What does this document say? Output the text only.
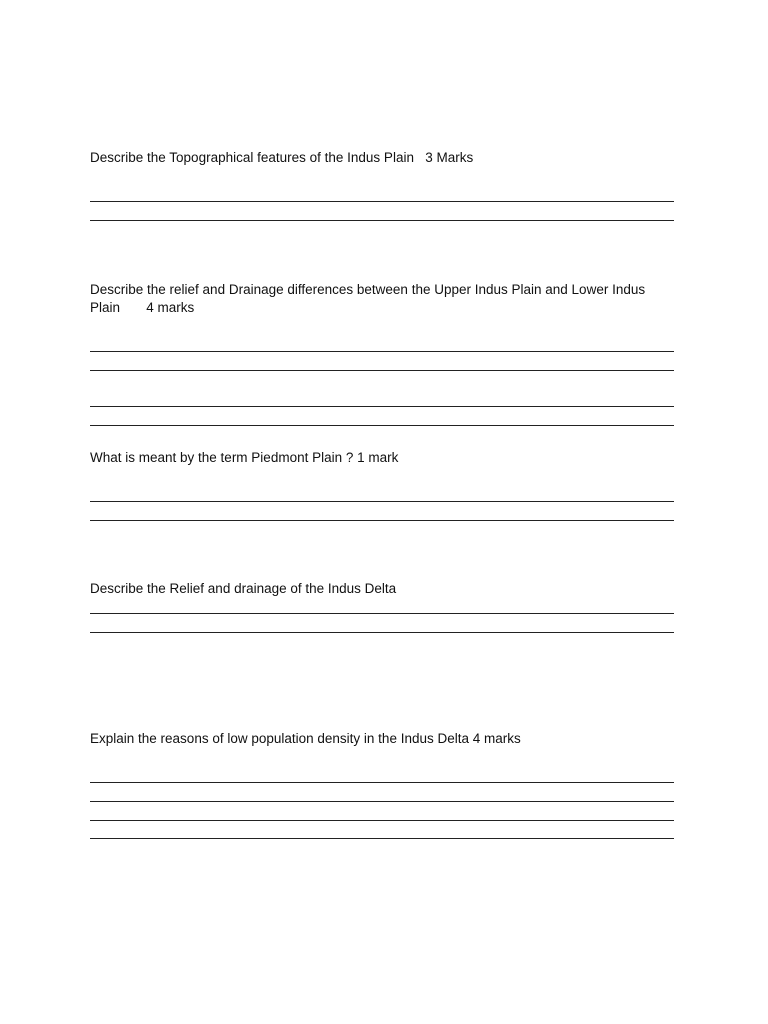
Describe the Topographical features of the Indus Plain   3 Marks

Describe the relief and Drainage differences between the Upper Indus Plain and Lower Indus

Plain       4 marks

What is meant by the term Piedmont Plain ? 1 mark

Describe the Relief and drainage of the Indus Delta

Explain the reasons of low population density in the Indus Delta 4 marks
